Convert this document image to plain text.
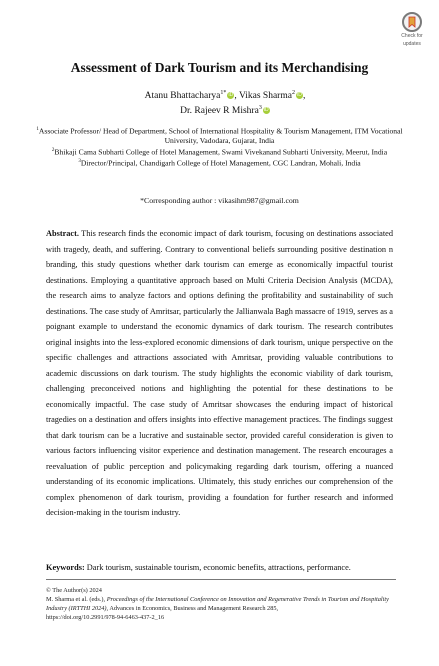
Check for
updates
Assessment of Dark Tourism and its Merchandising
Atanu Bhattacharya$^{1*}$ iD, Vikas Sharma$^2$ iD,
Dr. Rajeev R Mishra$^3$ iD
$^1$Associate Professor/ Head of Department, School of International Hospitality & Tourism Management, ITM Vocational University, Vadodara, Gujarat, India
$^2$Bhikaji Cama Subharti College of Hotel Management, Swami Vivekanand Subharti University, Meerut, India
$^3$Director/Principal, Chandigarh College of Hotel Management, CGC Landran, Mohali, India
*Corresponding author : vikasihm987@gmail.com

Abstract. This research finds the economic impact of dark tourism, focusing on destinations associated with tragedy, death, and suffering. Contrary to conventional beliefs surrounding positive destination n branding, this study questions whether dark tourism can emerge as economically impactful tourist destinations. Employing a quantitative approach based on Multi Criteria Decision Analysis (MCDA), the research aims to analyze factors and options defining the profitability and sustainability of such destinations. The case study of Amritsar, particularly the Jallianwala Bagh massacre of 1919, serves as a poignant example to understand the economic dynamics of dark tourism. The research contributes original insights into the less-explored economic dimensions of dark tourism, unique perspective on the specific challenges and attractions associated with Amritsar, providing valuable contributions to academic discussions on dark tourism. The study highlights the economic viability of dark tourism, challenging preconceived notions and highlighting the potential for these destinations to be economically impactful. The case study of Amritsar showcases the enduring impact of historical tragedies on a destination and offers insights into effective management practices. The findings suggest that dark tourism can be a lucrative and sustainable sector, provided careful consideration is given to various factors influencing visitor experience and destination management. The research encourages a reevaluation of public perception and policymaking regarding dark tourism, offering a nuanced understanding of its economic implications. Ultimately, this study enriches our comprehension of the complex phenomenon of dark tourism, providing a foundation for further research and informed decision-making in the tourism industry.

Keywords: Dark tourism, sustainable tourism, economic benefits, attractions, performance.
© The Author(s) 2024
M. Sharma et al. (eds.), Proceedings of the International Conference on Innovation and Regenerative Trends in Tourism and Hospitality Industry (IRTTHI 2024), Advances in Economics, Business and Management Research 285,
https://doi.org/10.2991/978-94-6463-437-2_16
